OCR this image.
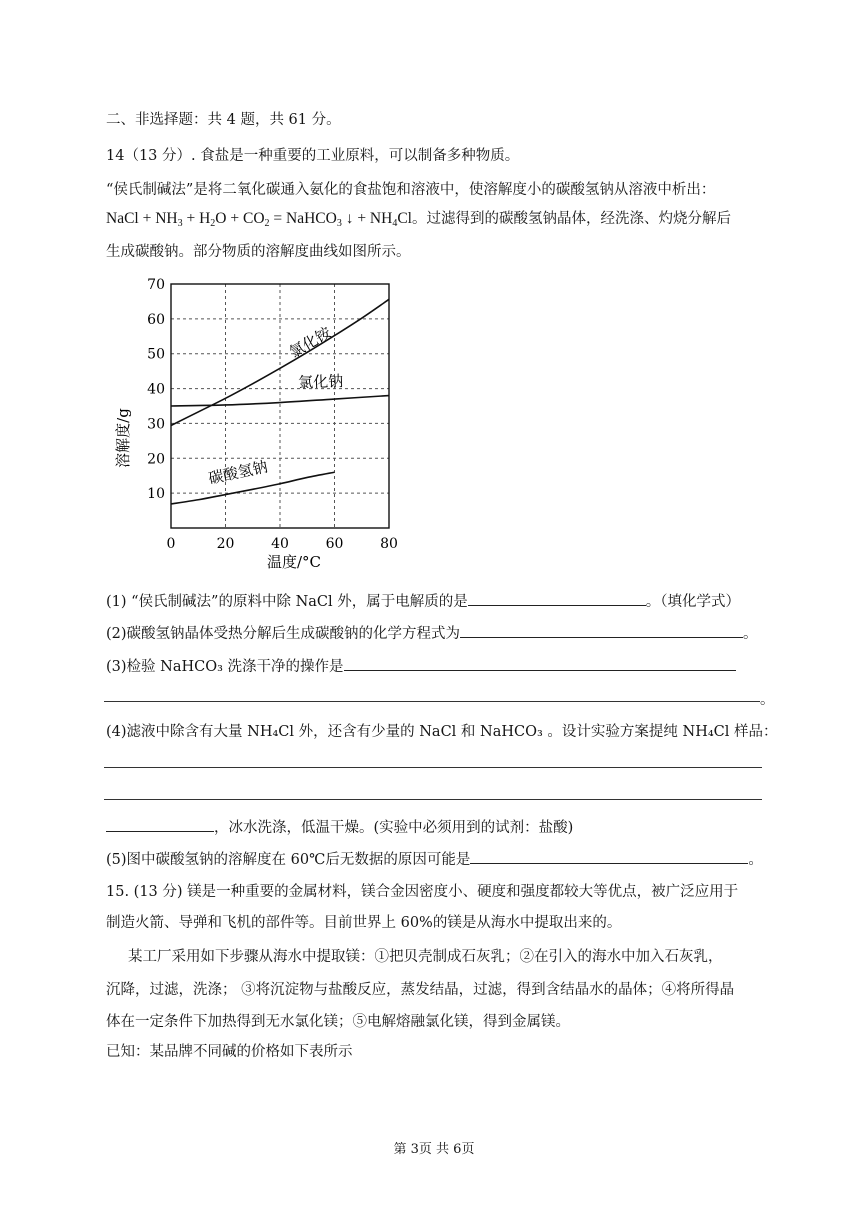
二、非选择题：共 4 题，共 61 分。
14（13 分）. 食盐是一种重要的工业原料，可以制备多种物质。
“侯氏制碱法”是将二氧化碳通入氨化的食盐饱和溶液中，使溶解度小的碳酸氢钠从溶液中析出：
NaCl + $NH_3 + H_2O + CO_2$ = NaHCO$_3$ ↓ + $NH_4Cl$。过滤得到的碳酸氢钠晶体，经洗涤、灼烧分解后
生成碳酸钠。部分物质的溶解度曲线如图所示。
10
20
30
40
50
60
70
0	20	40	60	80
氯化铵
氯化钠
碳酸氢钠
溶解度/g
温度/°C
(1) “侯氏制碱法”的原料中除 NaCl 外，属于电解质的是	。（填化学式）
(2)碳酸氢钠晶体受热分解后生成碳酸钠的化学方程式为	。
(3)检验 NaHCO₃ 洗涤干净的操作是
。
(4)滤液中除含有大量 NH₄Cl 外，还含有少量的 NaCl 和 NaHCO₃ 。设计实验方案提纯 NH₄Cl 样品：
，冰水洗涤，低温干燥。(实验中必须用到的试剂：盐酸)
(5)图中碳酸氢钠的溶解度在 60℃后无数据的原因可能是	。
15. (13 分) 镁是一种重要的金属材料，镁合金因密度小、硬度和强度都较大等优点，被广泛应用于
制造火箭、导弹和飞机的部件等。目前世界上 60%的镁是从海水中提取出来的。
某工厂采用如下步骤从海水中提取镁：①把贝壳制成石灰乳；②在引入的海水中加入石灰乳，
沉降，过滤，洗涤； ③将沉淀物与盐酸反应，蒸发结晶，过滤，得到含结晶水的晶体；④将所得晶
体在一定条件下加热得到无水氯化镁；⑤电解熔融氯化镁，得到金属镁。
已知：某品牌不同碱的价格如下表所示
第 3页 共 6页
